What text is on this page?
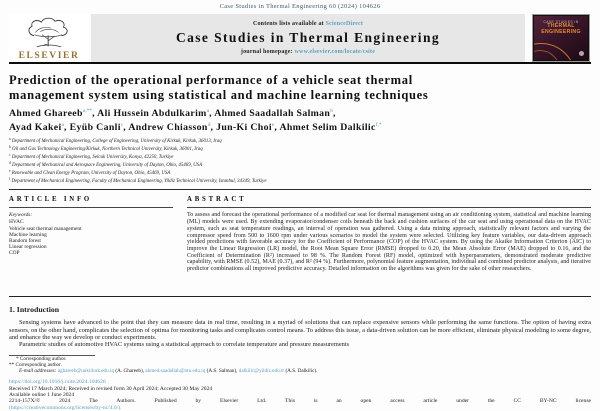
Case Studies in Thermal Engineering 60 (2024) 104626
ELSEVIER
Contents lists available at ScienceDirect
Case Studies in Thermal Engineering
journal homepage: www.elsevier.com/locate/csite
CASE STUDIES IN
THERMAL
ENGINEERING
Prediction of the operational performance of a vehicle seat thermal management system using statistical and machine learning techniques
Ahmed Ghareeb$^{a,**}$, Ali Hussein Abdulkarim$^a$, Ahmed Saadallah Salman$^b$,
Ayad Kakei$^a$, Eyüb Canli$^c$, Andrew Chiasson$^d$, Jun-Ki Choi$^e$, Ahmet Selim Dalkilic$^{f,*}$
$^a$ Department of Mechanical Engineering, College of Engineering, University of Kirkuk, Kirkuk, 36013, Iraq
$^b$ Oil and Gas Technology Engineering/Kirkuk, Northern Technical University, Kirkuk, 36001, Iraq
$^c$ Department of Mechanical Engineering, Selcuk University, Konya, 42250, Turkiye
$^d$ Department of Mechanical and Aerospace Engineering, University of Dayton, Ohio, 45469, USA
$^e$ Renewable and Clean Energy Program, University of Dayton, Ohio, 45469, USA
$^f$ Department of Mechanical Engineering, Faculty of Mechanical Engineering, Yildiz Technical University, Istanbul, 34349, Turkiye
ARTICLE INFO
Keywords:
HVAC
Vehicle seat thermal management
Machine learning
Random forest
Linear regression
COP
ABSTRACT
To assess and forecast the operational performance of a modified car seat for thermal management using an air conditioning system, statistical and machine learning (ML) models were used. By extending evaporator/condenser coils beneath the back and cushion surfaces of the car seat and using operational data on the HVAC system, such as seat temperature readings, an interval of operation was gathered. Using a data mining approach, statistically relevant factors and varying the compressor speed from 500 to 1600 rpm under various scenarios to model the system were selected. Utilizing key feature variables, our data-driven approach yielded predictions with favorable accuracy for the Coefficient of Performance (COP) of the HVAC system. By using the Akaike Information Criterion (AIC) to improve the Linear Regression (LR) model, the Root Mean Square Error (RMSE) dropped to 0.20, the Mean Absolute Error (MAE) dropped to 0.16, and the Coefficient of Determination (R²) increased to 98 %. The Random Forest (RF) model, optimized with hyperparameters, demonstrated moderate predictive capability, with RMSE (0.52), MAE (0.37), and R² (94 %). Furthermore, polynomial feature augmentation, individual and combined predictor analysis, and iterative predictor combinations all improved predictive accuracy. Detailed information on the algorithms was given for the sake of other researchers.
1. Introduction

Sensing systems have advanced to the point that they can measure data in real time, resulting in a myriad of solutions that can replace expensive sensors while performing the same functions. The option of having extra sensors, on the other hand, complicates the selection of optima for monitoring tasks and complicates control means. To address this issue, a data-driven solution can be more efficient, eliminate physical modeling to some degree, and enhance the way we develop or conduct experiments.

Parametric studies of automotive HVAC systems using a statistical approach to correlate temperature and pressure measurements

* Corresponding author.
** Corresponding author.
E-mail addresses: aghareeb@uokirkuk.edu.iq (A. Ghareeb), ahmed.saadallah@ntu.edu.iq (A.S. Salman), dalkilic@yildiz.edu.tr (A.S. Dalkilic).
https://doi.org/10.1016/j.csite.2024.104626
Received 17 March 2024; Received in revised form 30 April 2024; Accepted 30 May 2024
Available online 1 June 2024
2214-157X/© 2024 The Authors. Published by Elsevier Ltd. This is an open access article under the CC BY-NC license
(https://creativecommons.org/licenses/by-nc/4.0/).
